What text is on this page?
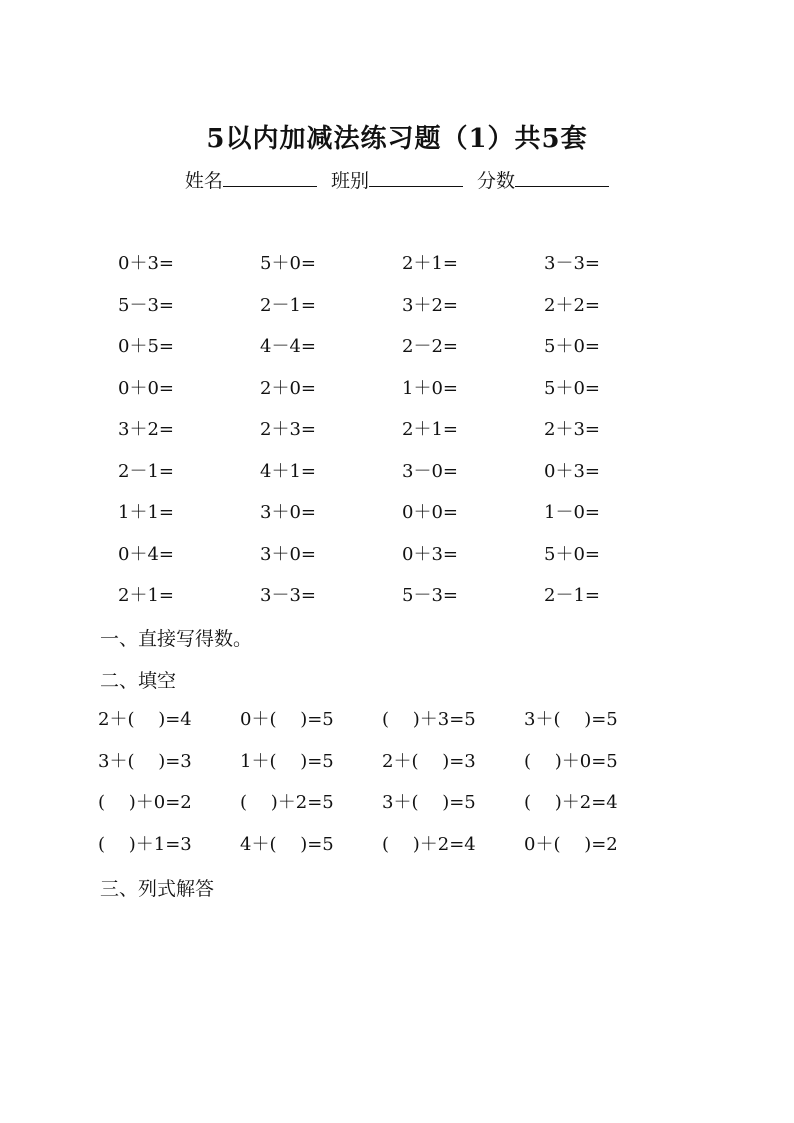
5以内加减法练习题（1）共5套
姓名	班别	分数
0＋3=	5＋0=	2＋1=	3－3=
5－3=	2－1=	3＋2=	2＋2=
0＋5=	4－4=	2－2=	5＋0=
0＋0=	2＋0=	1＋0=	5＋0=
3＋2=	2＋3=	2＋1=	2＋3=
2－1=	4＋1=	3－0=	0＋3=
1＋1=	3＋0=	0＋0=	1－0=
0＋4=	3＋0=	0＋3=	5＋0=
2＋1=	3－3=	5－3=	2－1=
一、直接写得数。
二、填空
2＋(　 )=4	0＋(　 )=5	(　 )＋3=5	3＋(　 )=5
3＋(　 )=3	1＋(　 )=5	2＋(　 )=3	(　 )＋0=5
(　 )＋0=2	(　 )＋2=5	3＋(　 )=5	(　 )＋2=4
(　 )＋1=3	4＋(　 )=5	(　 )＋2=4	0＋(　 )=2
三、列式解答
